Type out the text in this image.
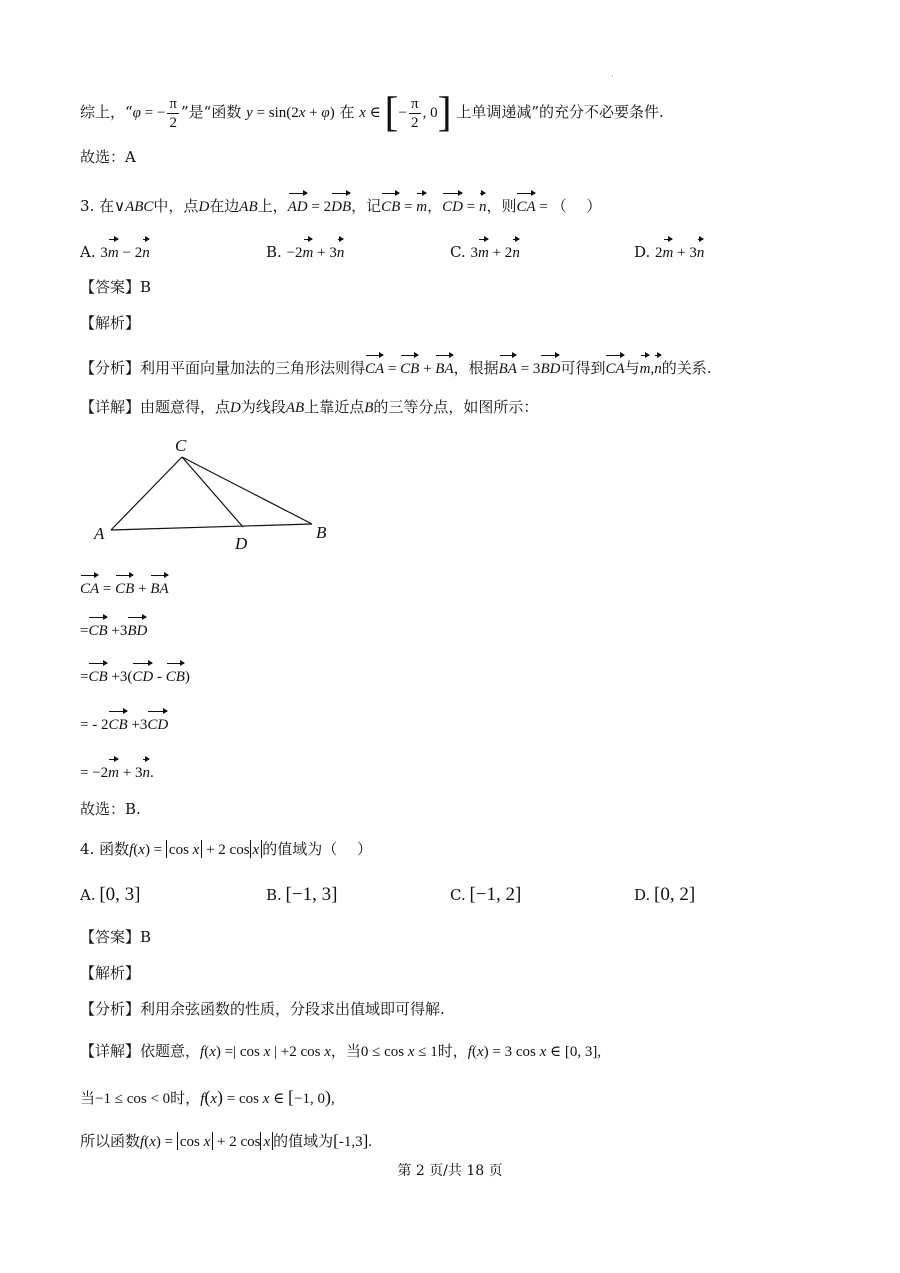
综上，“φ = − $\frac{\pi}{2}$ ”是“函数 y = sin(2x + φ) 在 x ∈ [− $\frac{\pi}{2}$ , 0] 上单调递减”的充分不必要条件.
故选：A
3. 在∨ABC中，点D在边AB上，AD = 2DB，记CB = m，CD = n，则CA = （　 ）
A. 3m − 2n	B. −2m + 3n	C. 3m + 2n	D. 2m + 3n
【答案】B
【解析】
【分析】利用平面向量加法的三角形法则得CA = CB + BA，根据BA = 3BD可得到CA与m,n的关系.
【详解】由题意得，点D为线段AB上靠近点B的三等分点，如图所示：
C
A
D
B
CA = CB + BA
=CB +3BD
=CB +3(CD - CB)
= - 2CB +3CD
= −2m + 3n.
故选：B.
4. 函数f(x) = cos x + 2 cos x 的值域为（　 ）
A. [0, 3]	B. [−1, 3]	C. [−1, 2]	D. [0, 2]
【答案】B
【解析】
【分析】利用余弦函数的性质，分段求出值域即可得解.
【详解】依题意，f(x) =| cos x | +2 cos x，当0 ≤ cos x ≤ 1时，f(x) = 3 cos x ∈ [0, 3],
当−1 ≤ cos < 0时，f(x) = cos x ∈ [−1, 0),
所以函数f(x) = cos x + 2 cos x 的值域为[-1,3].
第 2 页/共 18 页
